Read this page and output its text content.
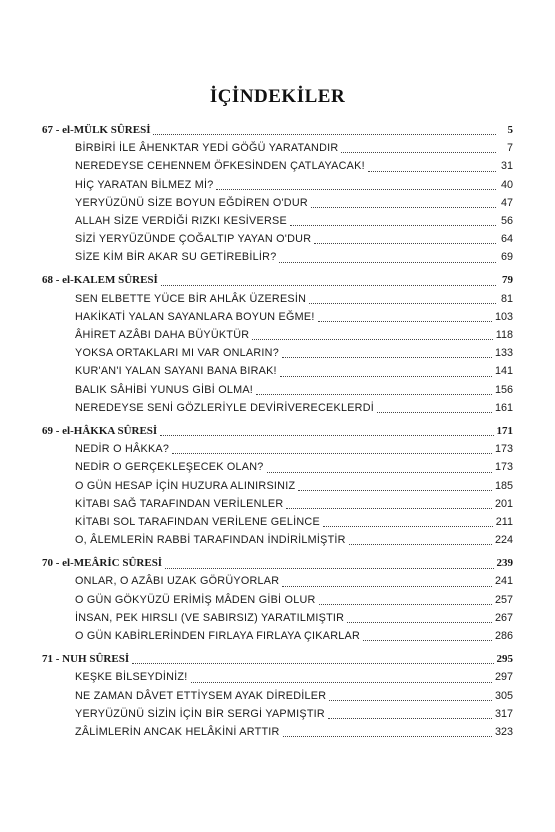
İÇİNDEKİLER
67 - el-MÜLK SÛRESİ	5
BİRBİRİ İLE ÂHENKTAR YEDİ GÖĞÜ YARATANDIR	7
NEREDEYSE CEHENNEM ÖFKESİNDEN ÇATLAYACAK!	31
HİÇ YARATAN BİLMEZ Mİ?	40
YERYÜZÜNÜ SİZE BOYUN EĞDİREN O'DUR	47
ALLAH SİZE VERDİĞİ RIZKI KESİVERSE	56
SİZİ YERYÜZÜNDE ÇOĞALTIP YAYAN O'DUR	64
SİZE KİM BİR AKAR SU GETİREBİLİR?	69
68 - el-KALEM SÛRESİ	79
SEN ELBETTE YÜCE BİR AHLÂK ÜZERESİN	81
HAKİKATİ YALAN SAYANLARA BOYUN EĞME!	103
ÂHİRET AZÂBI DAHA BÜYÜKTÜR	118
YOKSA ORTAKLARI MI VAR ONLARIN?	133
KUR'AN'I YALAN SAYANI BANA BIRAK!	141
BALIK SÂHİBİ YUNUS GİBİ OLMA!	156
NEREDEYSE SENİ GÖZLERİYLE DEVİRİVERECEKLERDİ	161
69 - el-HÂKKA SÛRESİ	171
NEDİR O HÂKKA?	173
NEDİR O GERÇEKLEŞECEK OLAN?	173
O GÜN HESAP İÇİN HUZURA ALINIRSINIZ	185
KİTABI SAĞ TARAFINDAN VERİLENLER	201
KİTABI SOL TARAFINDAN VERİLENE GELİNCE	211
O, ÂLEMLERİN RABBİ TARAFINDAN İNDİRİLMİŞTİR	224
70 - el-MEÂRİC SÛRESİ	239
ONLAR, O AZÂBI UZAK GÖRÜYORLAR	241
O GÜN GÖKYÜZÜ ERİMİŞ MÂDEN GİBİ OLUR	257
İNSAN, PEK HIRSLI (VE SABIRSIZ) YARATILMIŞTIR	267
O GÜN KABİRLERİNDEN FIRLAYA FIRLAYA ÇIKARLAR	286
71 - NUH SÛRESİ	295
KEŞKE BİLSEYDİNİZ!	297
NE ZAMAN DÂVET ETTİYSEM AYAK DİREDİLER	305
YERYÜZÜNÜ SİZİN İÇİN BİR SERGİ YAPMIŞTIR	317
ZÂLİMLERİN ANCAK HELÂKİNİ ARTTIR	323
